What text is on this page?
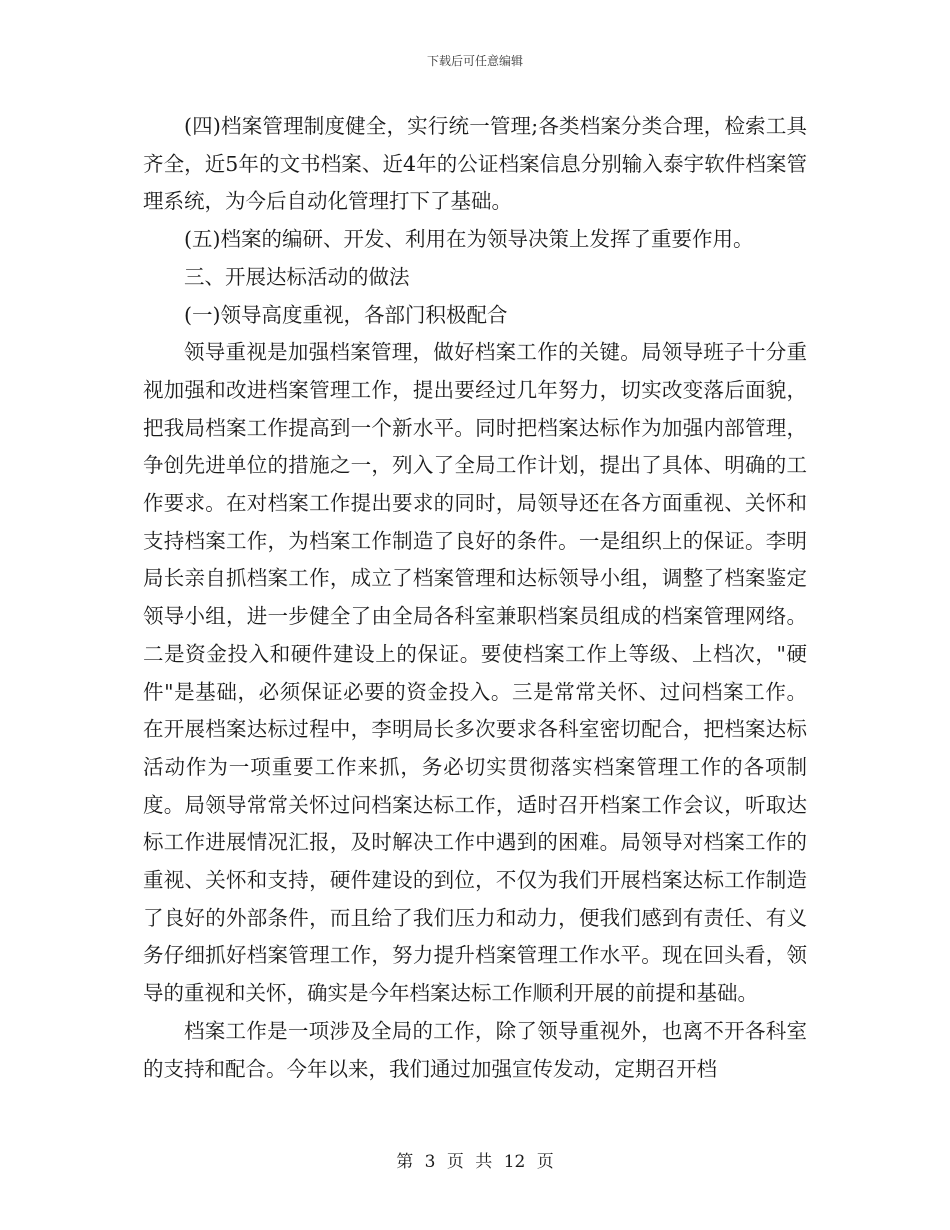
下载后可任意编辑

(四)档案管理制度健全，实行统一管理;各类档案分类合理，检索工具齐全，近5年的文书档案、近4年的公证档案信息分别输入泰宇软件档案管理系统，为今后自动化管理打下了基础。

(五)档案的编研、开发、利用在为领导决策上发挥了重要作用。

三、开展达标活动的做法

(一)领导高度重视，各部门积极配合

领导重视是加强档案管理，做好档案工作的关键。局领导班子十分重视加强和改进档案管理工作，提出要经过几年努力，切实改变落后面貌，把我局档案工作提高到一个新水平。同时把档案达标作为加强内部管理，争创先进单位的措施之一，列入了全局工作计划，提出了具体、明确的工作要求。在对档案工作提出要求的同时，局领导还在各方面重视、关怀和支持档案工作，为档案工作制造了良好的条件。一是组织上的保证。李明局长亲自抓档案工作，成立了档案管理和达标领导小组，调整了档案鉴定领导小组，进一步健全了由全局各科室兼职档案员组成的档案管理网络。二是资金投入和硬件建设上的保证。要使档案工作上等级、上档次，"硬件"是基础，必须保证必要的资金投入。三是常常关怀、过问档案工作。在开展档案达标过程中，李明局长多次要求各科室密切配合，把档案达标活动作为一项重要工作来抓，务必切实贯彻落实档案管理工作的各项制度。局领导常常关怀过问档案达标工作，适时召开档案工作会议，听取达标工作进展情况汇报，及时解决工作中遇到的困难。局领导对档案工作的重视、关怀和支持，硬件建设的到位，不仅为我们开展档案达标工作制造了良好的外部条件，而且给了我们压力和动力，便我们感到有责任、有义务仔细抓好档案管理工作，努力提升档案管理工作水平。现在回头看，领导的重视和关怀，确实是今年档案达标工作顺利开展的前提和基础。

档案工作是一项涉及全局的工作，除了领导重视外，也离不开各科室的支持和配合。今年以来，我们通过加强宣传发动，定期召开档

第 3 页 共 12 页
